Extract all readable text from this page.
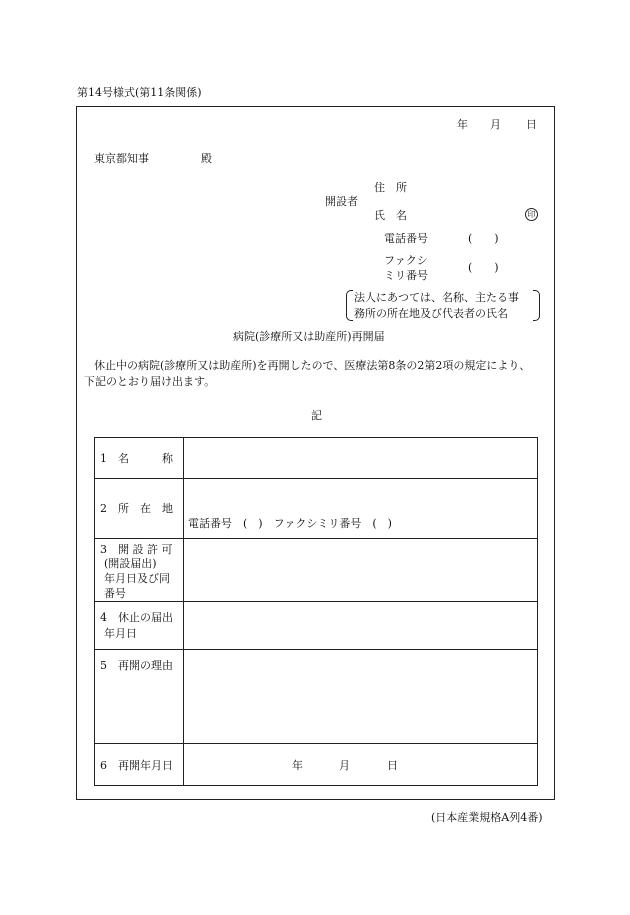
第14号様式(第11条関係)
年 月 日
東京都知事	殿
開設者
住　所
氏　名	印
電話番号	(　　)
ファクシ
ミリ番号
(　　)
法人にあつては、名称、主たる事
務所の所在地及び代表者の氏名
病院(診療所又は助産所)再開届
休止中の病院(診療所又は助産所)を再開したので、医療法第8条の2第2項の規定により、
下記のとおり届け出ます。
記
1　名　　　称
2　所　在　地
電話番号　(　)　ファクシミリ番号　(　)
3　開 設 許 可
(開設届出)
年月日及び同
番号
4　休止の届出
年月日
5　再開の理由
6　再開年月日	年	月	日
(日本産業規格A列4番)
